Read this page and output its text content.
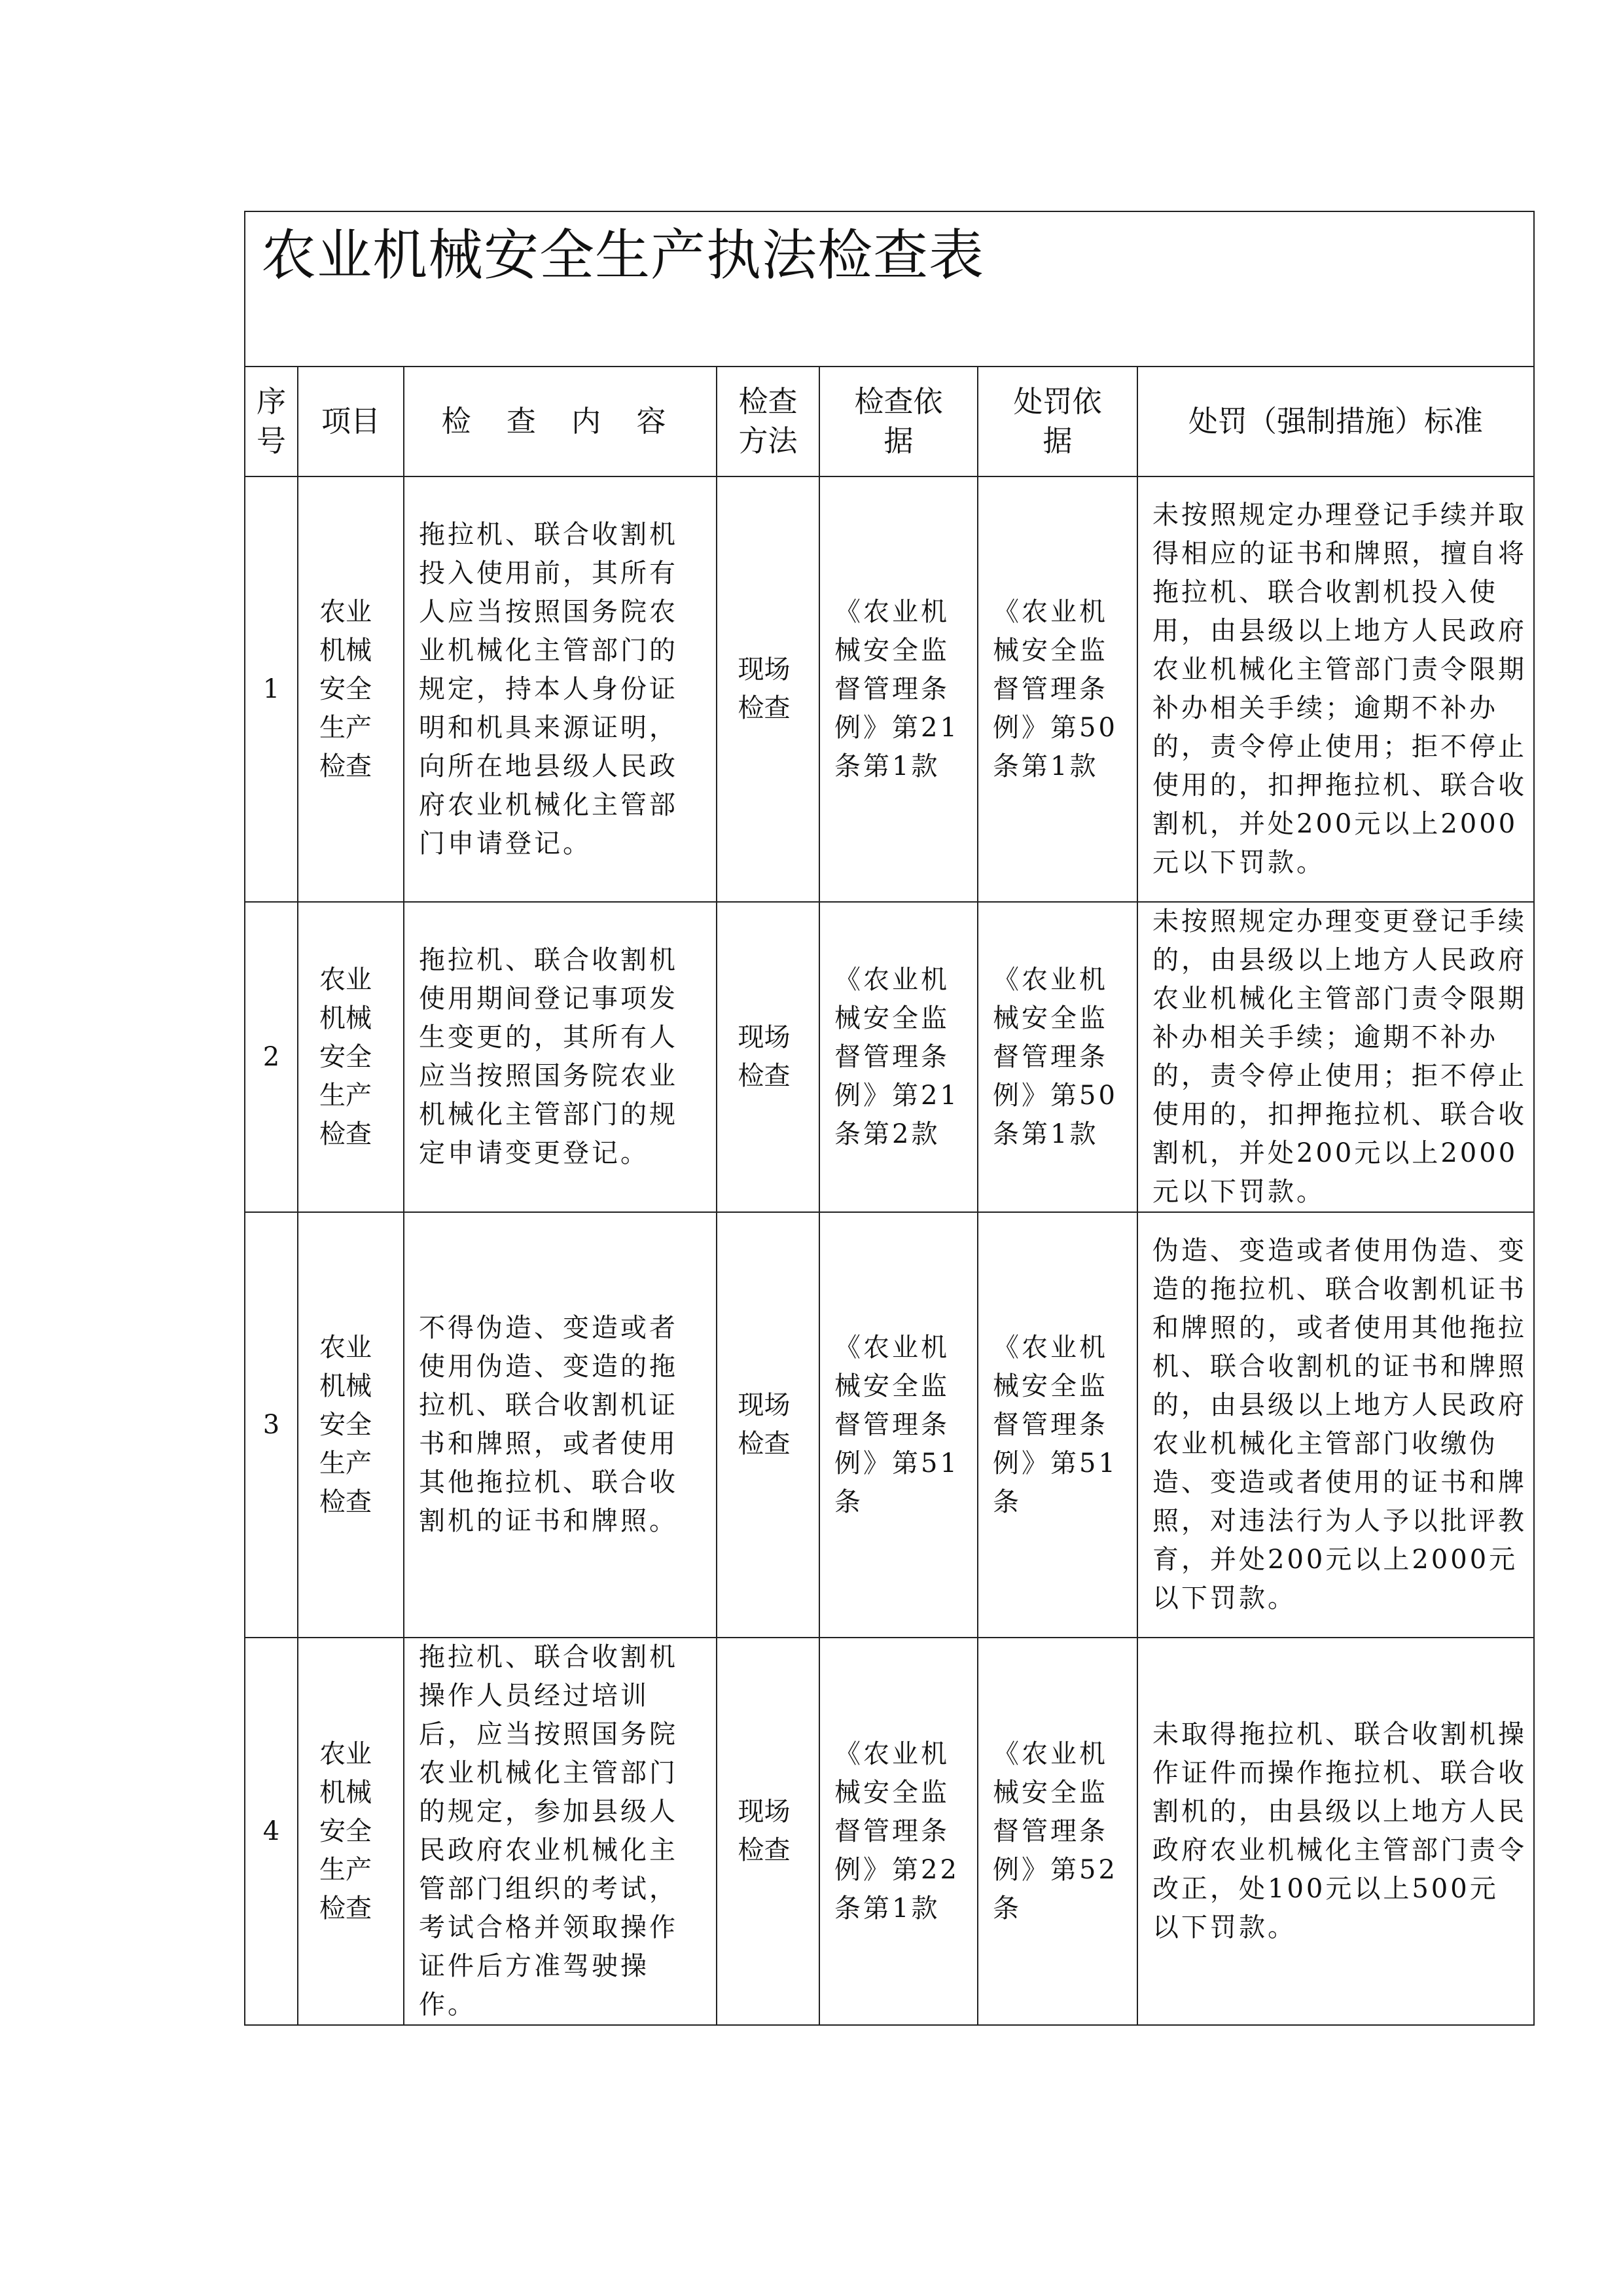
农业机械安全生产执法检查表						

序号	项目	检 查 内 容	检查方法	检查依据	处罚依据	处罚（强制措施）标准
1	农业机械安全生产检查	拖拉机、联合收割机投入使用前，其所有人应当按照国务院农业机械化主管部门的规定，持本人身份证明和机具来源证明，向所在地县级人民政府农业机械化主管部门申请登记。	现场检查	《农业机械安全监督管理条例》第21条第1款	《农业机械安全监督管理条例》第50条第1款	未按照规定办理登记手续并取得相应的证书和牌照，擅自将拖拉机、联合收割机投入使用，由县级以上地方人民政府农业机械化主管部门责令限期补办相关手续；逾期不补办的，责令停止使用；拒不停止使用的，扣押拖拉机、联合收割机，并处200元以上2000元以下罚款。

2	农业机械安全生产检查	拖拉机、联合收割机使用期间登记事项发生变更的，其所有人应当按照国务院农业机械化主管部门的规定申请变更登记。	现场检查	《农业机械安全监督管理条例》第21条第2款	《农业机械安全监督管理条例》第50条第1款	未按照规定办理变更登记手续的，由县级以上地方人民政府农业机械化主管部门责令限期补办相关手续；逾期不补办的，责令停止使用；拒不停止使用的，扣押拖拉机、联合收割机，并处200元以上2000元以下罚款。

3	农业机械安全生产检查	不得伪造、变造或者使用伪造、变造的拖拉机、联合收割机证书和牌照，或者使用其他拖拉机、联合收割机的证书和牌照。	现场检查	《农业机械安全监督管理条例》第51条	《农业机械安全监督管理条例》第51条	伪造、变造或者使用伪造、变造的拖拉机、联合收割机证书和牌照的，或者使用其他拖拉机、联合收割机的证书和牌照的，由县级以上地方人民政府农业机械化主管部门收缴伪造、变造或者使用的证书和牌照，对违法行为人予以批评教育，并处200元以上2000元以下罚款。

4	农业机械安全生产检查	拖拉机、联合收割机操作人员经过培训后，应当按照国务院农业机械化主管部门的规定，参加县级人民政府农业机械化主管部门组织的考试，考试合格并领取操作证件后方准驾驶操作。	现场检查	《农业机械安全监督管理条例》第22条第1款	《农业机械安全监督管理条例》第52条	未取得拖拉机、联合收割机操作证件而操作拖拉机、联合收割机的，由县级以上地方人民政府农业机械化主管部门责令改正，处100元以上500元以下罚款。
